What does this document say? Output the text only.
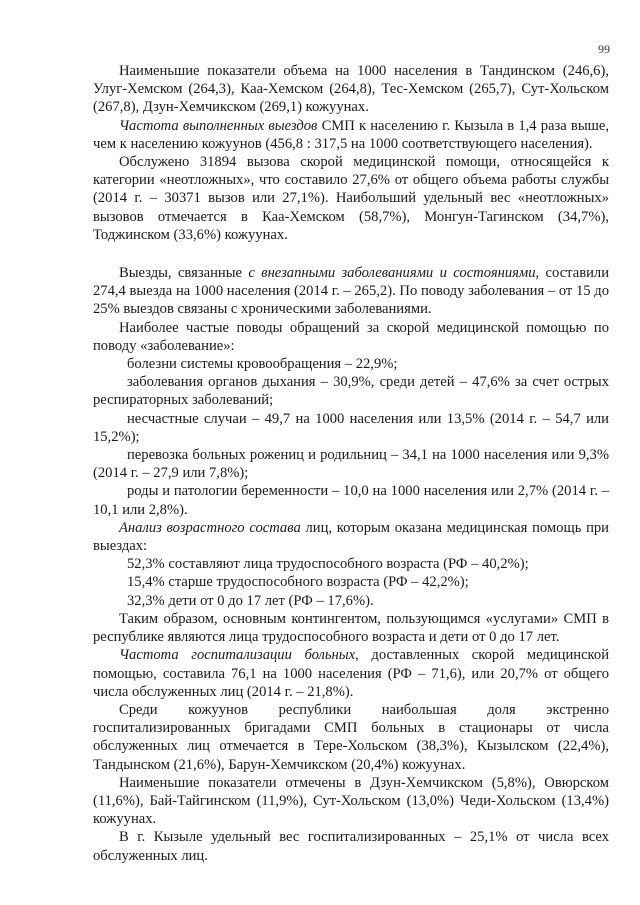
99

Наименьшие показатели объема на 1000 населения в Тандинском (246,6), Улуг-Хемском (264,3), Каа-Хемском (264,8), Тес-Хемском (265,7), Сут-Хольском (267,8), Дзун-Хемчикском (269,1) кожуунах.

Частота выполненных выездов СМП к населению г. Кызыла в 1,4 раза выше, чем к населению кожуунов (456,8 : 317,5 на 1000 соответствующего населения).

Обслужено 31894 вызова скорой медицинской помощи, относящейся к категории «неотложных», что составило 27,6% от общего объема работы службы (2014 г. – 30371 вызов или 27,1%). Наибольший удельный вес «неотложных» вызовов отмечается в Каа-Хемском (58,7%), Монгун-Тагинском (34,7%), Тоджинском (33,6%) кожуунах.

Выезды, связанные с внезапными заболеваниями и состояниями, составили 274,4 выезда на 1000 населения (2014 г. – 265,2). По поводу заболевания – от 15 до 25% выездов связаны с хроническими заболеваниями.

Наиболее частые поводы обращений за скорой медицинской помощью по поводу «заболевание»:

болезни системы кровообращения – 22,9%;

заболевания органов дыхания – 30,9%, среди детей – 47,6% за счет острых респираторных заболеваний;

несчастные случаи – 49,7 на 1000 населения или 13,5% (2014 г. – 54,7 или 15,2%);

перевозка больных рожениц и родильниц – 34,1 на 1000 населения или 9,3% (2014 г. – 27,9 или 7,8%);

роды и патологии беременности – 10,0 на 1000 населения или 2,7% (2014 г. – 10,1 или 2,8%).

Анализ возрастного состава лиц, которым оказана медицинская помощь при выездах:

52,3% составляют лица трудоспособного возраста (РФ – 40,2%);

15,4% старше трудоспособного возраста (РФ – 42,2%);

32,3% дети от 0 до 17 лет (РФ – 17,6%).

Таким образом, основным контингентом, пользующимся «услугами» СМП в республике являются лица трудоспособного возраста и дети от 0 до 17 лет.

Частота госпитализации больных, доставленных скорой медицинской помощью, составила 76,1 на 1000 населения (РФ – 71,6), или 20,7% от общего числа обслуженных лиц (2014 г. – 21,8%).

Среди кожуунов республики наибольшая доля экстренно госпитализированных бригадами СМП больных в стационары от числа обслуженных лиц отмечается в Тере-Хольском (38,3%), Кызылском (22,4%), Тандынском (21,6%), Барун-Хемчикском (20,4%) кожуунах.

Наименьшие показатели отмечены в Дзун-Хемчикском (5,8%), Овюрском (11,6%), Бай-Тайгинском (11,9%), Сут-Хольском (13,0%) Чеди-Хольском (13,4%) кожуунах.

В г. Кызыле удельный вес госпитализированных – 25,1% от числа всех обслуженных лиц.
